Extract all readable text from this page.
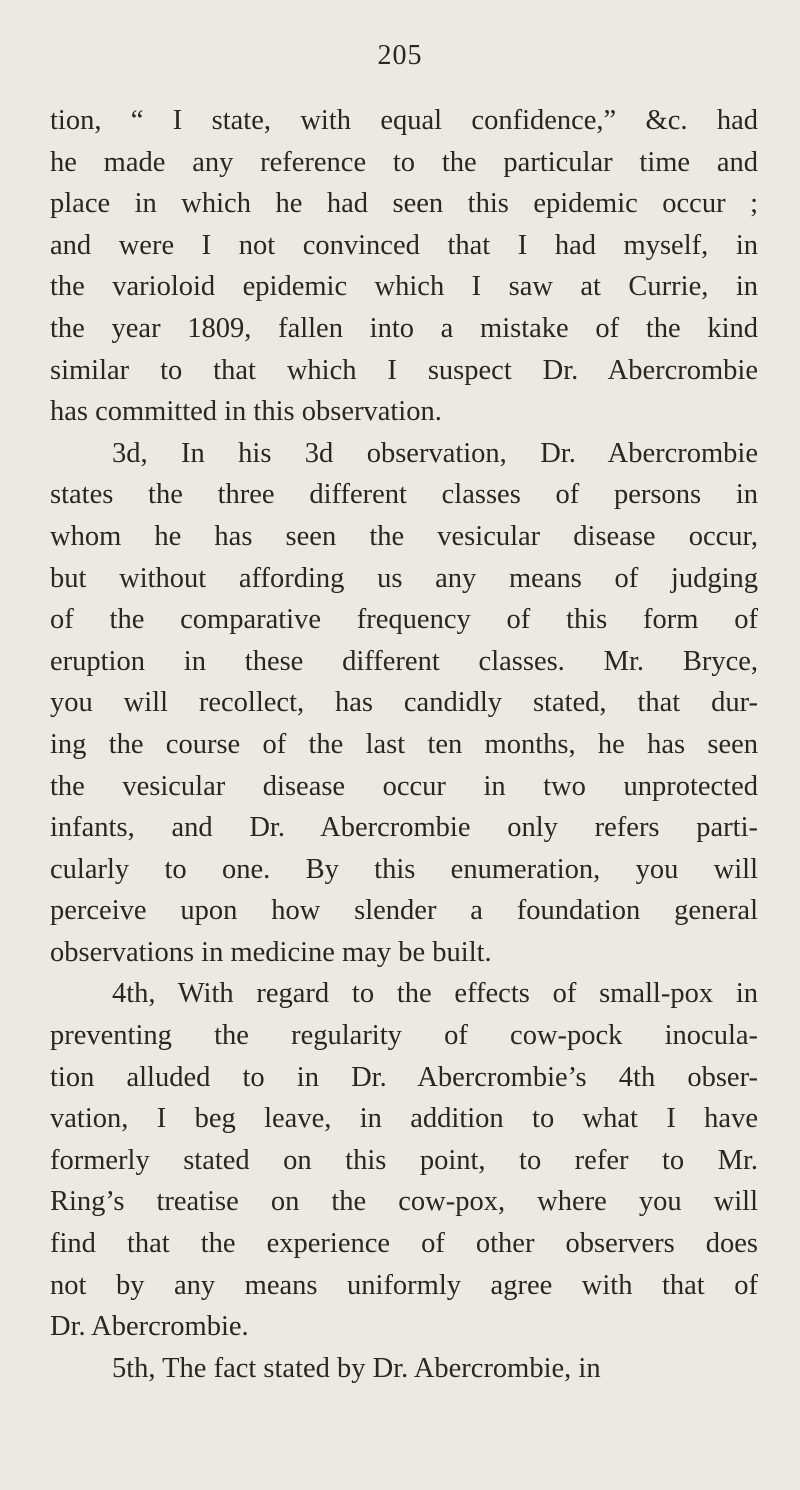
205
tion, “ I state, with equal confidence,” &c. had
he made any reference to the particular time and
place in which he had seen this epidemic occur ;
and were I not convinced that I had myself, in
the varioloid epidemic which I saw at Currie, in
the year 1809, fallen into a mistake of the kind
similar to that which I suspect Dr. Abercrombie
has committed in this observation.
3d, In his 3d observation, Dr. Abercrombie
states the three different classes of persons in
whom he has seen the vesicular disease occur,
but without affording us any means of judging
of the comparative frequency of this form of
eruption in these different classes. Mr. Bryce,
you will recollect, has candidly stated, that dur-
ing the course of the last ten months, he has seen
the vesicular disease occur in two unprotected
infants, and Dr. Abercrombie only refers parti-
cularly to one. By this enumeration, you will
perceive upon how slender a foundation general
observations in medicine may be built.
4th, With regard to the effects of small-pox in
preventing the regularity of cow-pock inocula-
tion alluded to in Dr. Abercrombie’s 4th obser-
vation, I beg leave, in addition to what I have
formerly stated on this point, to refer to Mr.
Ring’s treatise on the cow-pox, where you will
find that the experience of other observers does
not by any means uniformly agree with that of
Dr. Abercrombie.
5th, The fact stated by Dr. Abercrombie, in
